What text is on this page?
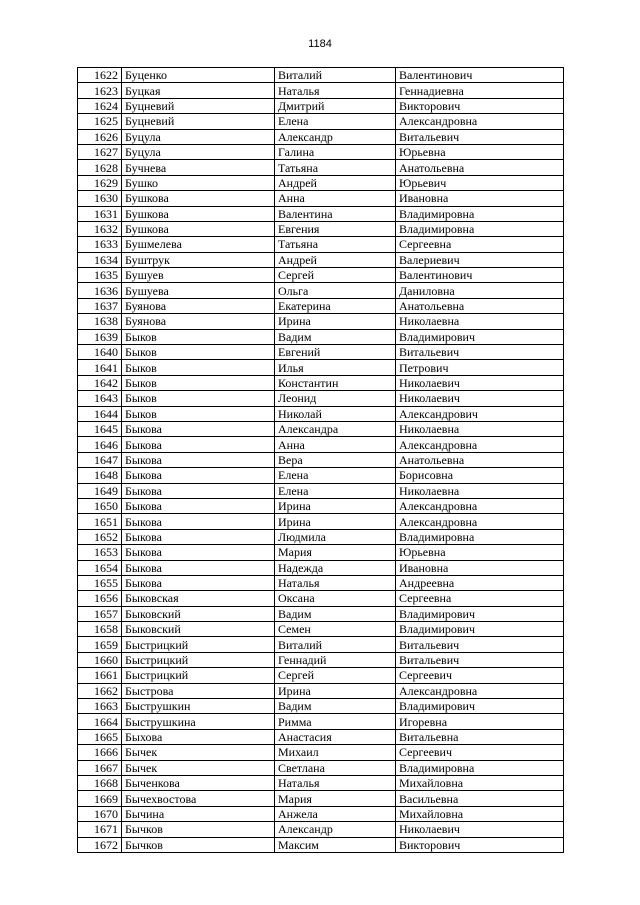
1184
1622	Буценко	Виталий	Валентинович
1623	Буцкая	Наталья	Геннадиевна
1624	Буцневий	Дмитрий	Викторович
1625	Буцневий	Елена	Александровна
1626	Буцула	Александр	Витальевич
1627	Буцула	Галина	Юрьевна
1628	Бучнева	Татьяна	Анатольевна
1629	Бушко	Андрей	Юрьевич
1630	Бушкова	Анна	Ивановна
1631	Бушкова	Валентина	Владимировна
1632	Бушкова	Евгения	Владимировна
1633	Бушмелева	Татьяна	Сергеевна
1634	Буштрук	Андрей	Валериевич
1635	Бушуев	Сергей	Валентинович
1636	Бушуева	Ольга	Даниловна
1637	Буянова	Екатерина	Анатольевна
1638	Буянова	Ирина	Николаевна
1639	Быков	Вадим	Владимирович
1640	Быков	Евгений	Витальевич
1641	Быков	Илья	Петрович
1642	Быков	Константин	Николаевич
1643	Быков	Леонид	Николаевич
1644	Быков	Николай	Александрович
1645	Быкова	Александра	Николаевна
1646	Быкова	Анна	Александровна
1647	Быкова	Вера	Анатольевна
1648	Быкова	Елена	Борисовна
1649	Быкова	Елена	Николаевна
1650	Быкова	Ирина	Александровна
1651	Быкова	Ирина	Александровна
1652	Быкова	Людмила	Владимировна
1653	Быкова	Мария	Юрьевна
1654	Быкова	Надежда	Ивановна
1655	Быкова	Наталья	Андреевна
1656	Быковская	Оксана	Сергеевна
1657	Быковский	Вадим	Владимирович
1658	Быковский	Семен	Владимирович
1659	Быстрицкий	Виталий	Витальевич
1660	Быстрицкий	Геннадий	Витальевич
1661	Быстрицкий	Сергей	Сергеевич
1662	Быстрова	Ирина	Александровна
1663	Быструшкин	Вадим	Владимирович
1664	Быструшкина	Римма	Игоревна
1665	Быхова	Анастасия	Витальевна
1666	Бычек	Михаил	Сергеевич
1667	Бычек	Светлана	Владимировна
1668	Быченкова	Наталья	Михайловна
1669	Бычехвостова	Мария	Васильевна
1670	Бычина	Анжела	Михайловна
1671	Бычков	Александр	Николаевич
1672	Бычков	Максим	Викторович
